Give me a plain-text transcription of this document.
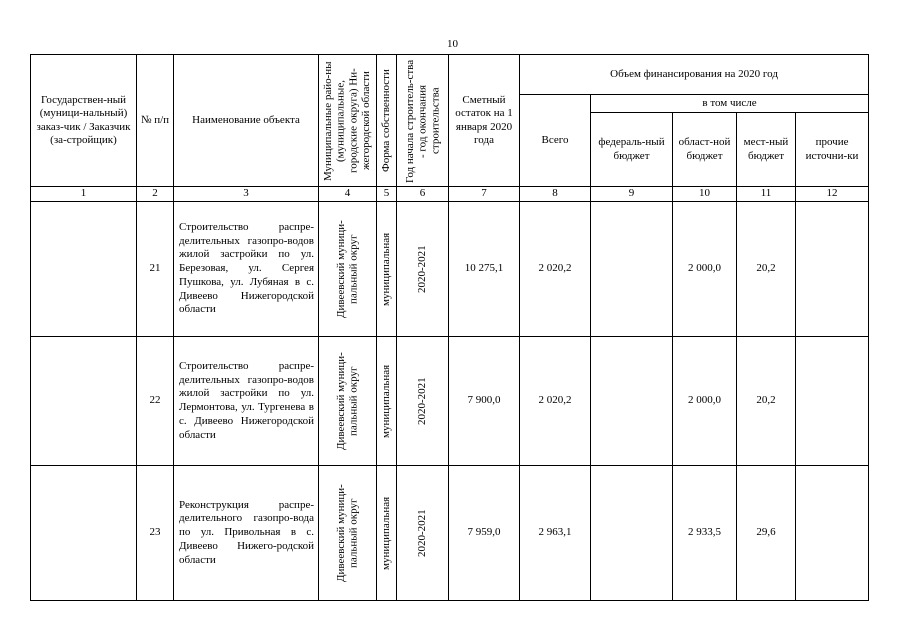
10
Государствен-ный (муници-нальный) заказ-чик / Заказчик (за-стройщик)	№ п/п	Наименование объекта	Муниципальные райо-ны (муниципальные, городские округа) Ни-жегородской области	Форма собственности	Год начала строитель-ства - год окончания строительства	Сметный остаток на 1 января 2020 года	Объем финансирования на 2020 год				
							Всего	в том числе			
								федераль-ный бюджет	област-ной бюджет	мест-ный бюджет	прочие источни-ки
1	2	3	4	5	6	7	8	9	10	11	12
	21	Строительство распре-делительных газопро-водов жилой застройки по ул. Березовая, ул. Сергея Пушкова, ул. Лубяная в с. Дивеево Нижегородской области	Дивеевский муници-пальный округ	муниципальная	2020-2021	10 275,1	2 020,2		2 000,0	20,2	
	22	Строительство распре-делительных газопро-водов жилой застройки по ул. Лермонтова, ул. Тургенева в с. Дивеево Нижегородской области	Дивеевский муници-пальный округ	муниципальная	2020-2021	7 900,0	2 020,2		2 000,0	20,2	
	23	Реконструкция распре-делительного газопро-вода по ул. Привольная в с. Дивеево Нижего-родской области	Дивеевский муници-пальный округ	муниципальная	2020-2021	7 959,0	2 963,1		2 933,5	29,6	
